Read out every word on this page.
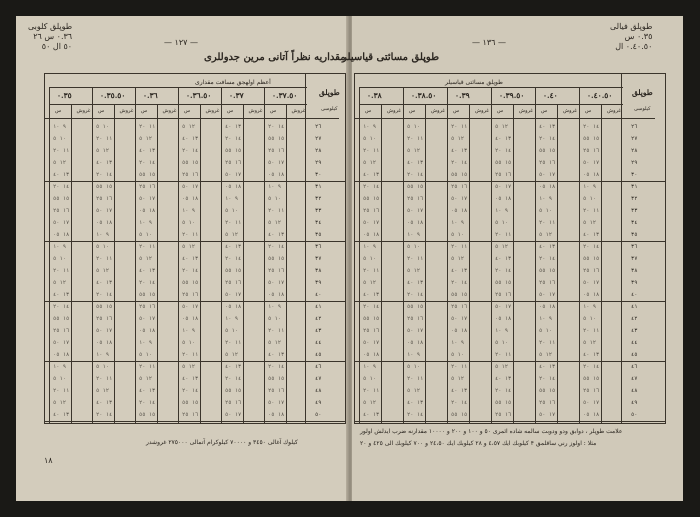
طوپلق كلوبى
٠.٣٦ س ٢٦
٥٠ ال ٥٠	— ١٢٧ —
مقداريه نظراً آتانى مرين جدوللرى
أعظم اولهجق مسافت مقدارى
طوپلق
كيلوسى
٠.٣٥
س	غروش
٠.٣٥.٥٠
س	غروش
٠.٣٦
س	غروش
٠.٣٦.٥٠
س	غروش
٠.٣٧
س	غروش
٠.٣٧.٥٠
س	غروش
٢٦
٩ ١٠	١٠ ٥	١١ ٢٠	١٢ ٥	١٣ ٤٠	١٤ ٢٠
٢٧
١٠ ٥	١١ ٢٠	١٢ ٥	١٣ ٤٠	١٤ ٢٠	١٥ ٥٥
٢٨
١١ ٢٠	١٢ ٥	١٣ ٤٠	١٤ ٢٠	١٥ ٥٥	١٦ ٢٥
٢٩
١٢ ٥	١٣ ٤٠	١٤ ٢٠	١٥ ٥٥	١٦ ٢٥	١٧ ٥٠
٣٠
١٣ ٤٠	١٤ ٢٠	١٥ ٥٥	١٦ ٢٥	١٧ ٥٠	١٨ ٠٥
٣١
١٤ ٢٠	١٥ ٥٥	١٦ ٢٥	١٧ ٥٠	١٨ ٠٥	٩ ١٠
٣٢
١٥ ٥٥	١٦ ٢٥	١٧ ٥٠	١٨ ٠٥	٩ ١٠	١٠ ٥
٣٣
١٦ ٢٥	١٧ ٥٠	١٨ ٠٥	٩ ١٠	١٠ ٥	١١ ٢٠
٣٤
١٧ ٥٠	١٨ ٠٥	٩ ١٠	١٠ ٥	١١ ٢٠	١٢ ٥
٣٥
١٨ ٠٥	٩ ١٠	١٠ ٥	١١ ٢٠	١٢ ٥	١٣ ٤٠
٣٦
٩ ١٠	١٠ ٥	١١ ٢٠	١٢ ٥	١٣ ٤٠	١٤ ٢٠
٣٧
١٠ ٥	١١ ٢٠	١٢ ٥	١٣ ٤٠	١٤ ٢٠	١٥ ٥٥
٣٨
١١ ٢٠	١٢ ٥	١٣ ٤٠	١٤ ٢٠	١٥ ٥٥	١٦ ٢٥
٣٩
١٢ ٥	١٣ ٤٠	١٤ ٢٠	١٥ ٥٥	١٦ ٢٥	١٧ ٥٠
٤٠
١٣ ٤٠	١٤ ٢٠	١٥ ٥٥	١٦ ٢٥	١٧ ٥٠	١٨ ٠٥
٤١
١٤ ٢٠	١٥ ٥٥	١٦ ٢٥	١٧ ٥٠	١٨ ٠٥	٩ ١٠
٤٢
١٥ ٥٥	١٦ ٢٥	١٧ ٥٠	١٨ ٠٥	٩ ١٠	١٠ ٥
٤٣
١٦ ٢٥	١٧ ٥٠	١٨ ٠٥	٩ ١٠	١٠ ٥	١١ ٢٠
٤٤
١٧ ٥٠	١٨ ٠٥	٩ ١٠	١٠ ٥	١١ ٢٠	١٢ ٥
٤٥
١٨ ٠٥	٩ ١٠	١٠ ٥	١١ ٢٠	١٢ ٥	١٣ ٤٠
٤٦
٩ ١٠	١٠ ٥	١١ ٢٠	١٢ ٥	١٣ ٤٠	١٤ ٢٠
٤٧
١٠ ٥	١١ ٢٠	١٢ ٥	١٣ ٤٠	١٤ ٢٠	١٥ ٥٥
٤٨
١١ ٢٠	١٢ ٥	١٣ ٤٠	١٤ ٢٠	١٥ ٥٥	١٦ ٢٥
٤٩
١٢ ٥	١٣ ٤٠	١٤ ٢٠	١٥ ٥٥	١٦ ٢٥	١٧ ٥٠
٥٠
١٣ ٤٠	١٤ ٢٠	١٥ ٥٥	١٦ ٢٥	١٧ ٥٠	١٨ ٠٥
كيلوك آغالى ٣٤٥٠ و ٧٠٠٠٠ كيلوكرام آتمالى ٢٧٥٠٠٠ غروشدر
١٨
— ١٣٦ —
طوپلق فیالی
٠.٣٥ س
٠.٤٠.٥٠ ال
طوپلق مسائتی قیاسیلر
طوپلق مسائتی قیاسیلر
طوپلق
كيلوسى
٠.٣٨
س	غروش
٠.٣٨.٥٠
س	غروش
٠.٣٩
س	غروش
٠.٣٩.٥٠
س	غروش
٠.٤٠
س	غروش
٠.٤٠.٥٠
س	غروش
٢٦
٩ ١٠	١٠ ٥	١١ ٢٠	١٢ ٥	١٣ ٤٠	١٤ ٢٠
٢٧
١٠ ٥	١١ ٢٠	١٢ ٥	١٣ ٤٠	١٤ ٢٠	١٥ ٥٥
٢٨
١١ ٢٠	١٢ ٥	١٣ ٤٠	١٤ ٢٠	١٥ ٥٥	١٦ ٢٥
٢٩
١٢ ٥	١٣ ٤٠	١٤ ٢٠	١٥ ٥٥	١٦ ٢٥	١٧ ٥٠
٣٠
١٣ ٤٠	١٤ ٢٠	١٥ ٥٥	١٦ ٢٥	١٧ ٥٠	١٨ ٠٥
٣١
١٤ ٢٠	١٥ ٥٥	١٦ ٢٥	١٧ ٥٠	١٨ ٠٥	٩ ١٠
٣٢
١٥ ٥٥	١٦ ٢٥	١٧ ٥٠	١٨ ٠٥	٩ ١٠	١٠ ٥
٣٣
١٦ ٢٥	١٧ ٥٠	١٨ ٠٥	٩ ١٠	١٠ ٥	١١ ٢٠
٣٤
١٧ ٥٠	١٨ ٠٥	٩ ١٠	١٠ ٥	١١ ٢٠	١٢ ٥
٣٥
١٨ ٠٥	٩ ١٠	١٠ ٥	١١ ٢٠	١٢ ٥	١٣ ٤٠
٣٦
٩ ١٠	١٠ ٥	١١ ٢٠	١٢ ٥	١٣ ٤٠	١٤ ٢٠
٣٧
١٠ ٥	١١ ٢٠	١٢ ٥	١٣ ٤٠	١٤ ٢٠	١٥ ٥٥
٣٨
١١ ٢٠	١٢ ٥	١٣ ٤٠	١٤ ٢٠	١٥ ٥٥	١٦ ٢٥
٣٩
١٢ ٥	١٣ ٤٠	١٤ ٢٠	١٥ ٥٥	١٦ ٢٥	١٧ ٥٠
٤٠
١٣ ٤٠	١٤ ٢٠	١٥ ٥٥	١٦ ٢٥	١٧ ٥٠	١٨ ٠٥
٤١
١٤ ٢٠	١٥ ٥٥	١٦ ٢٥	١٧ ٥٠	١٨ ٠٥	٩ ١٠
٤٢
١٥ ٥٥	١٦ ٢٥	١٧ ٥٠	١٨ ٠٥	٩ ١٠	١٠ ٥
٤٣
١٦ ٢٥	١٧ ٥٠	١٨ ٠٥	٩ ١٠	١٠ ٥	١١ ٢٠
٤٤
١٧ ٥٠	١٨ ٠٥	٩ ١٠	١٠ ٥	١١ ٢٠	١٢ ٥
٤٥
١٨ ٠٥	٩ ١٠	١٠ ٥	١١ ٢٠	١٢ ٥	١٣ ٤٠
٤٦
٩ ١٠	١٠ ٥	١١ ٢٠	١٢ ٥	١٣ ٤٠	١٤ ٢٠
٤٧
١٠ ٥	١١ ٢٠	١٢ ٥	١٣ ٤٠	١٤ ٢٠	١٥ ٥٥
٤٨
١١ ٢٠	١٢ ٥	١٣ ٤٠	١٤ ٢٠	١٥ ٥٥	١٦ ٢٥
٤٩
١٢ ٥	١٣ ٤٠	١٤ ٢٠	١٥ ٥٥	١٦ ٢٥	١٧ ٥٠
٥٠
١٣ ٤٠	١٤ ٢٠	١٥ ٥٥	١٦ ٢٥	١٧ ٥٠	١٨ ٠٥
علامت طوپلر ، دوابق ودو ودوبت سالمه شاده ائمرى ٥٠ و ١٠٠ و ٢٠٠ و ١٠٠٠٠ مقدارنه ضرب ايدلش اولور
مثلا : اولوز رني ساقلمق ۴ كيلوبك ايك ٤،٥٧ و ٢٨ كيلوبك ايك ٢٤،٥٠ و ٧٠٠ كيلوبك الى ٤٢٥ و ٢٠
